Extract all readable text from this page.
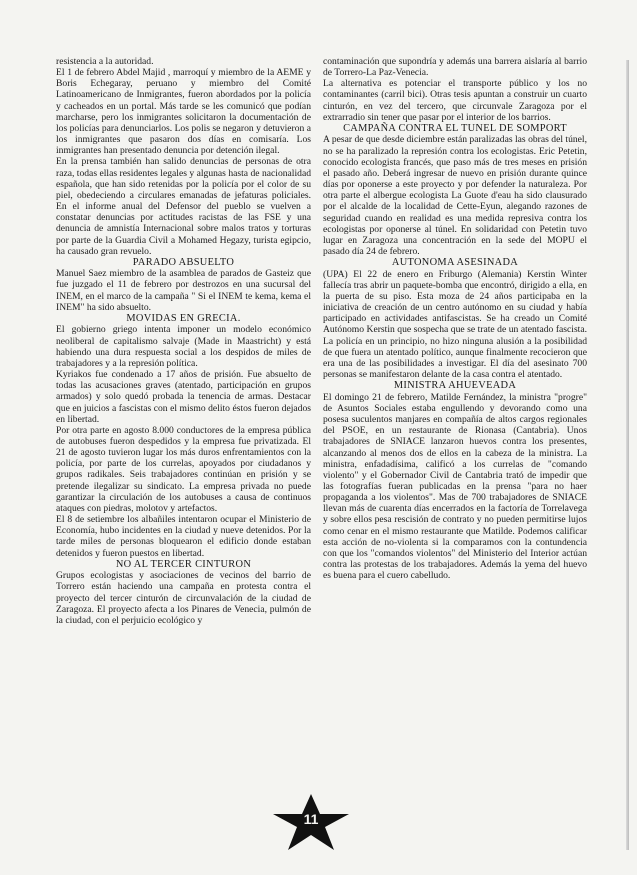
resistencia a la autoridad.

El 1 de febrero Abdel Majid , marroquí y miembro de la AEME y Boris Echegaray, peruano y miembro del Comité Latinoamericano de Inmigrantes, fueron abordados por la policía y cacheados en un portal. Más tarde se les comunicó que podían marcharse, pero los inmigrantes solicitaron la documentación de los policías para denunciarlos. Los polis se negaron y detuvieron a los inmigrantes que pasaron dos días en comisaría. Los inmigrantes han presentado denuncia por detención ilegal.

En la prensa también han salido denuncias de personas de otra raza, todas ellas residentes legales y algunas hasta de nacionalidad española, que han sido retenidas por la policía por el color de su piel, obedeciendo a circulares emanadas de jefaturas policiales. En el informe anual del Defensor del pueblo se vuelven a constatar denuncias por actitudes racistas de las FSE y una denuncia de amnistía Internacional sobre malos tratos y torturas por parte de la Guardia Civil a Mohamed Hegazy, turista egipcio, ha causado gran revuelo.

PARADO ABSUELTO

Manuel Saez miembro de la asamblea de parados de Gasteiz que fue juzgado el 11 de febrero por destrozos en una sucursal del INEM, en el marco de la campaña " Si el INEM te kema, kema el INEM" ha sido absuelto.

MOVIDAS EN GRECIA.

El gobierno griego intenta imponer un modelo económico neoliberal de capitalismo salvaje (Made in Maastricht) y está habiendo una dura respuesta social a los despidos de miles de trabajadores y a la represión política.

Kyriakos fue condenado a 17 años de prisión. Fue absuelto de todas las acusaciones graves (atentado, participación en grupos armados) y solo quedó probada la tenencia de armas. Destacar que en juicios a fascistas con el mismo delito éstos fueron dejados en libertad.

Por otra parte en agosto 8.000 conductores de la empresa pública de autobuses fueron despedidos y la empresa fue privatizada. El 21 de agosto tuvieron lugar los más duros enfrentamientos con la policía, por parte de los currelas, apoyados por ciudadanos y grupos radikales. Seis trabajadores continúan en prisión y se pretende ilegalizar su sindicato. La empresa privada no puede garantizar la circulación de los autobuses a causa de continuos ataques con piedras, molotov y artefactos.

El 8 de setiembre los albañiles intentaron ocupar el Ministerio de Economía, hubo incidentes en la ciudad y nueve detenidos. Por la tarde miles de personas bloquearon el edificio donde estaban detenidos y fueron puestos en libertad.

NO AL TERCER CINTURON

Grupos ecologistas y asociaciones de vecinos del barrio de Torrero están haciendo una campaña en protesta contra el proyecto del tercer cinturón de circunvalación de la ciudad de Zaragoza. El proyecto afecta a los Pinares de Venecia, pulmón de la ciudad, con el perjuicio ecológico y

contaminación que supondría y además una barrera aislaría al barrio de Torrero-La Paz-Venecia.

La alternativa es potenciar el transporte público y los no contaminantes (carril bici). Otras tesis apuntan a construir un cuarto cinturón, en vez del tercero, que circunvale Zaragoza por el extrarradio sin tener que pasar por el interior de los barrios.

CAMPAÑA CONTRA EL TUNEL DE SOMPORT

A pesar de que desde diciembre están paralizadas las obras del túnel, no se ha paralizado la represión contra los ecologistas. Eric Petetin, conocido ecologista francés, que paso más de tres meses en prisión el pasado año. Deberá ingresar de nuevo en prisión durante quince días por oponerse a este proyecto y por defender la naturaleza. Por otra parte el albergue ecologista La Guote d'eau ha sido clausurado por el alcalde de la localidad de Cette-Eyun, alegando razones de seguridad cuando en realidad es una medida represiva contra los ecologistas por oponerse al túnel. En solidaridad con Petetin tuvo lugar en Zaragoza una concentración en la sede del MOPU el pasado día 24 de febrero.

AUTONOMA ASESINADA

(UPA) El 22 de enero en Friburgo (Alemania) Kerstin Winter fallecía tras abrir un paquete-bomba que encontró, dirigido a ella, en la puerta de su piso. Esta moza de 24 años participaba en la iniciativa de creación de un centro autónomo en su ciudad y había participado en actividades antifascistas. Se ha creado un Comité Autónomo Kerstin que sospecha que se trate de un atentado fascista. La policía en un principio, no hizo ninguna alusión a la posibilidad de que fuera un atentado político, aunque finalmente recocieron que era una de las posibilidades a investigar. El día del asesinato 700 personas se manifestaron delante de la casa contra el atentado.

MINISTRA AHUEVEADA

El domingo 21 de febrero, Matilde Fernández, la ministra "progre" de Asuntos Sociales estaba engullendo y devorando como una posesa suculentos manjares en compañía de altos cargos regionales del PSOE, en un restaurante de Rionasa (Cantabria). Unos trabajadores de SNIACE lanzaron huevos contra los presentes, alcanzando al menos dos de ellos en la cabeza de la ministra. La ministra, enfadadísima, calificó a los currelas de "comando violento" y el Gobernador Civil de Cantabria trató de impedir que las fotografías fueran publicadas en la prensa "para no haer propaganda a los violentos". Mas de 700 trabajadores de SNIACE llevan más de cuarenta días encerrados en la factoría de Torrelavega y sobre ellos pesa rescisión de contrato y no pueden permitirse lujos como cenar en el mismo restaurante que Matilde. Podemos calificar esta acción de no-violenta si la comparamos con la contundencia con que los "comandos violentos" del Ministerio del Interior actúan contra las protestas de los trabajadores. Además la yema del huevo es buena para el cuero cabelludo.

11
